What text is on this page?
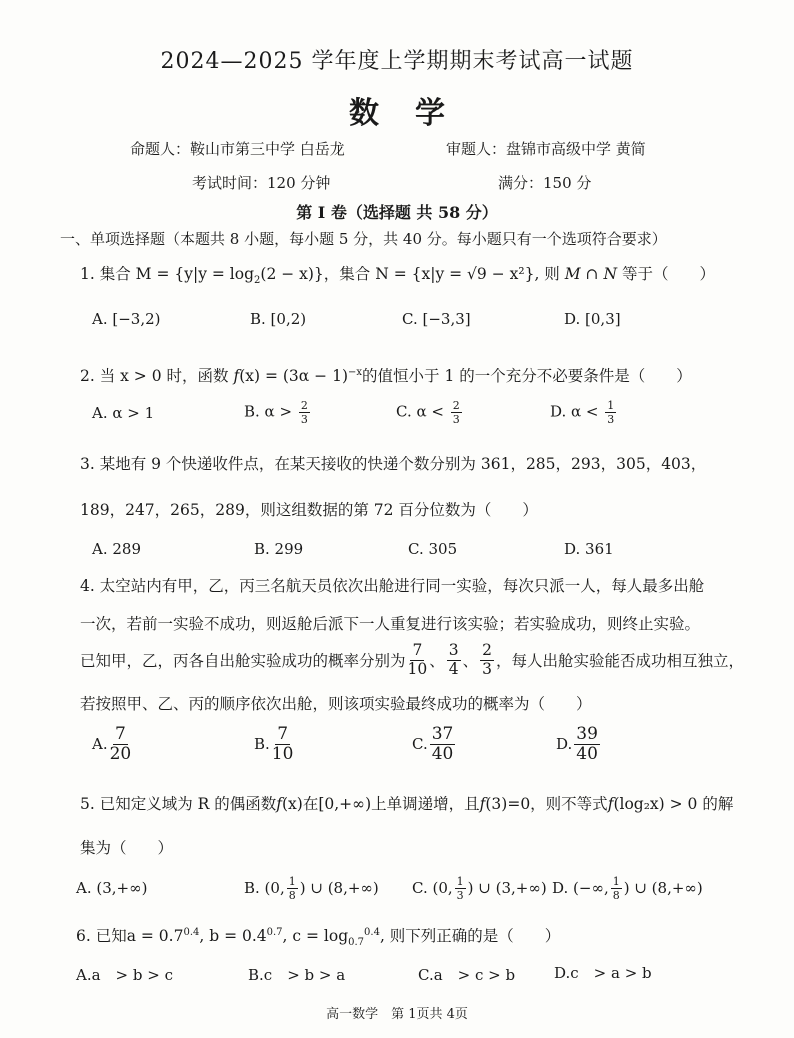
2024—2025 学年度上学期期末考试高一试题
数学
命题人：鞍山市第三中学 白岳龙	审题人：盘锦市高级中学 黄简
考试时间：120 分钟	满分：150 分
第 I 卷（选择题 共 58 分）
一、单项选择题（本题共 8 小题，每小题 5 分，共 40 分。每小题只有一个选项符合要求）
1. 集合 $M = \{y|y = \log_2(2 - x)\}$，集合 N = {x|y = √9 − x²}, 则 M ∩ N 等于（　　）
A. [−3,2)	B. [0,2)	C. [−3,3]	D. [0,3]
2. 当 x > 0 时，函数 $f(x) = (3\alpha - 1)^{-x}$的值恒小于 1 的一个充分不必要条件是（　　）
A. α > 1	B. $\alpha > \frac{2}{3}$	C. $\alpha < \frac{2}{3}$	D. $\alpha < \frac{1}{3}$
3. 某地有 9 个快递收件点，在某天接收的快递个数分别为 361，285，293，305，403，
189，247，265，289，则这组数据的第 72 百分位数为（　　）
A. 289	B. 299	C. 305	D. 361
4. 太空站内有甲，乙，丙三名航天员依次出舱进行同一实验，每次只派一人，每人最多出舱
一次，若前一实验不成功，则返舱后派下一人重复进行该实验；若实验成功，则终止实验。
已知甲，乙，丙各自出舱实验成功的概率分别为 $\frac{7}{10}$ 、 $\frac{3}{4}$ 、 $\frac{2}{3}$ ，每人出舱实验能否成功相互独立，
若按照甲、乙、丙的顺序依次出舱，则该项实验最终成功的概率为（　　）
A. $\frac{7}{20}$	B. $\frac{7}{10}$	C. $\frac{37}{40}$	D. $\frac{39}{40}$
5. 已知定义域为 R 的偶函数f(x)在[0,+∞)上单调递增，且f(3)=0，则不等式f(log₂x) > 0 的解
集为（　　）
A. (3,+∞)	B. (0, $\frac{1}{8}$ ) ∪ (8,+∞) C. (0, $\frac{1}{3}$ ) ∪ (3,+∞) D. (−∞, $\frac{1}{8}$ ) ∪ (8,+∞)
6. 已知$a = 0.7^{0.4}$, $b = 0.4^{0.7}$, $c = \log_{0.7}^{0.4}$, 则下列正确的是（　　）
A.a　> b > c	B.c　> b > a	C.a　> c > b	D.c　> a > b
高一数学　第 1页共 4页
